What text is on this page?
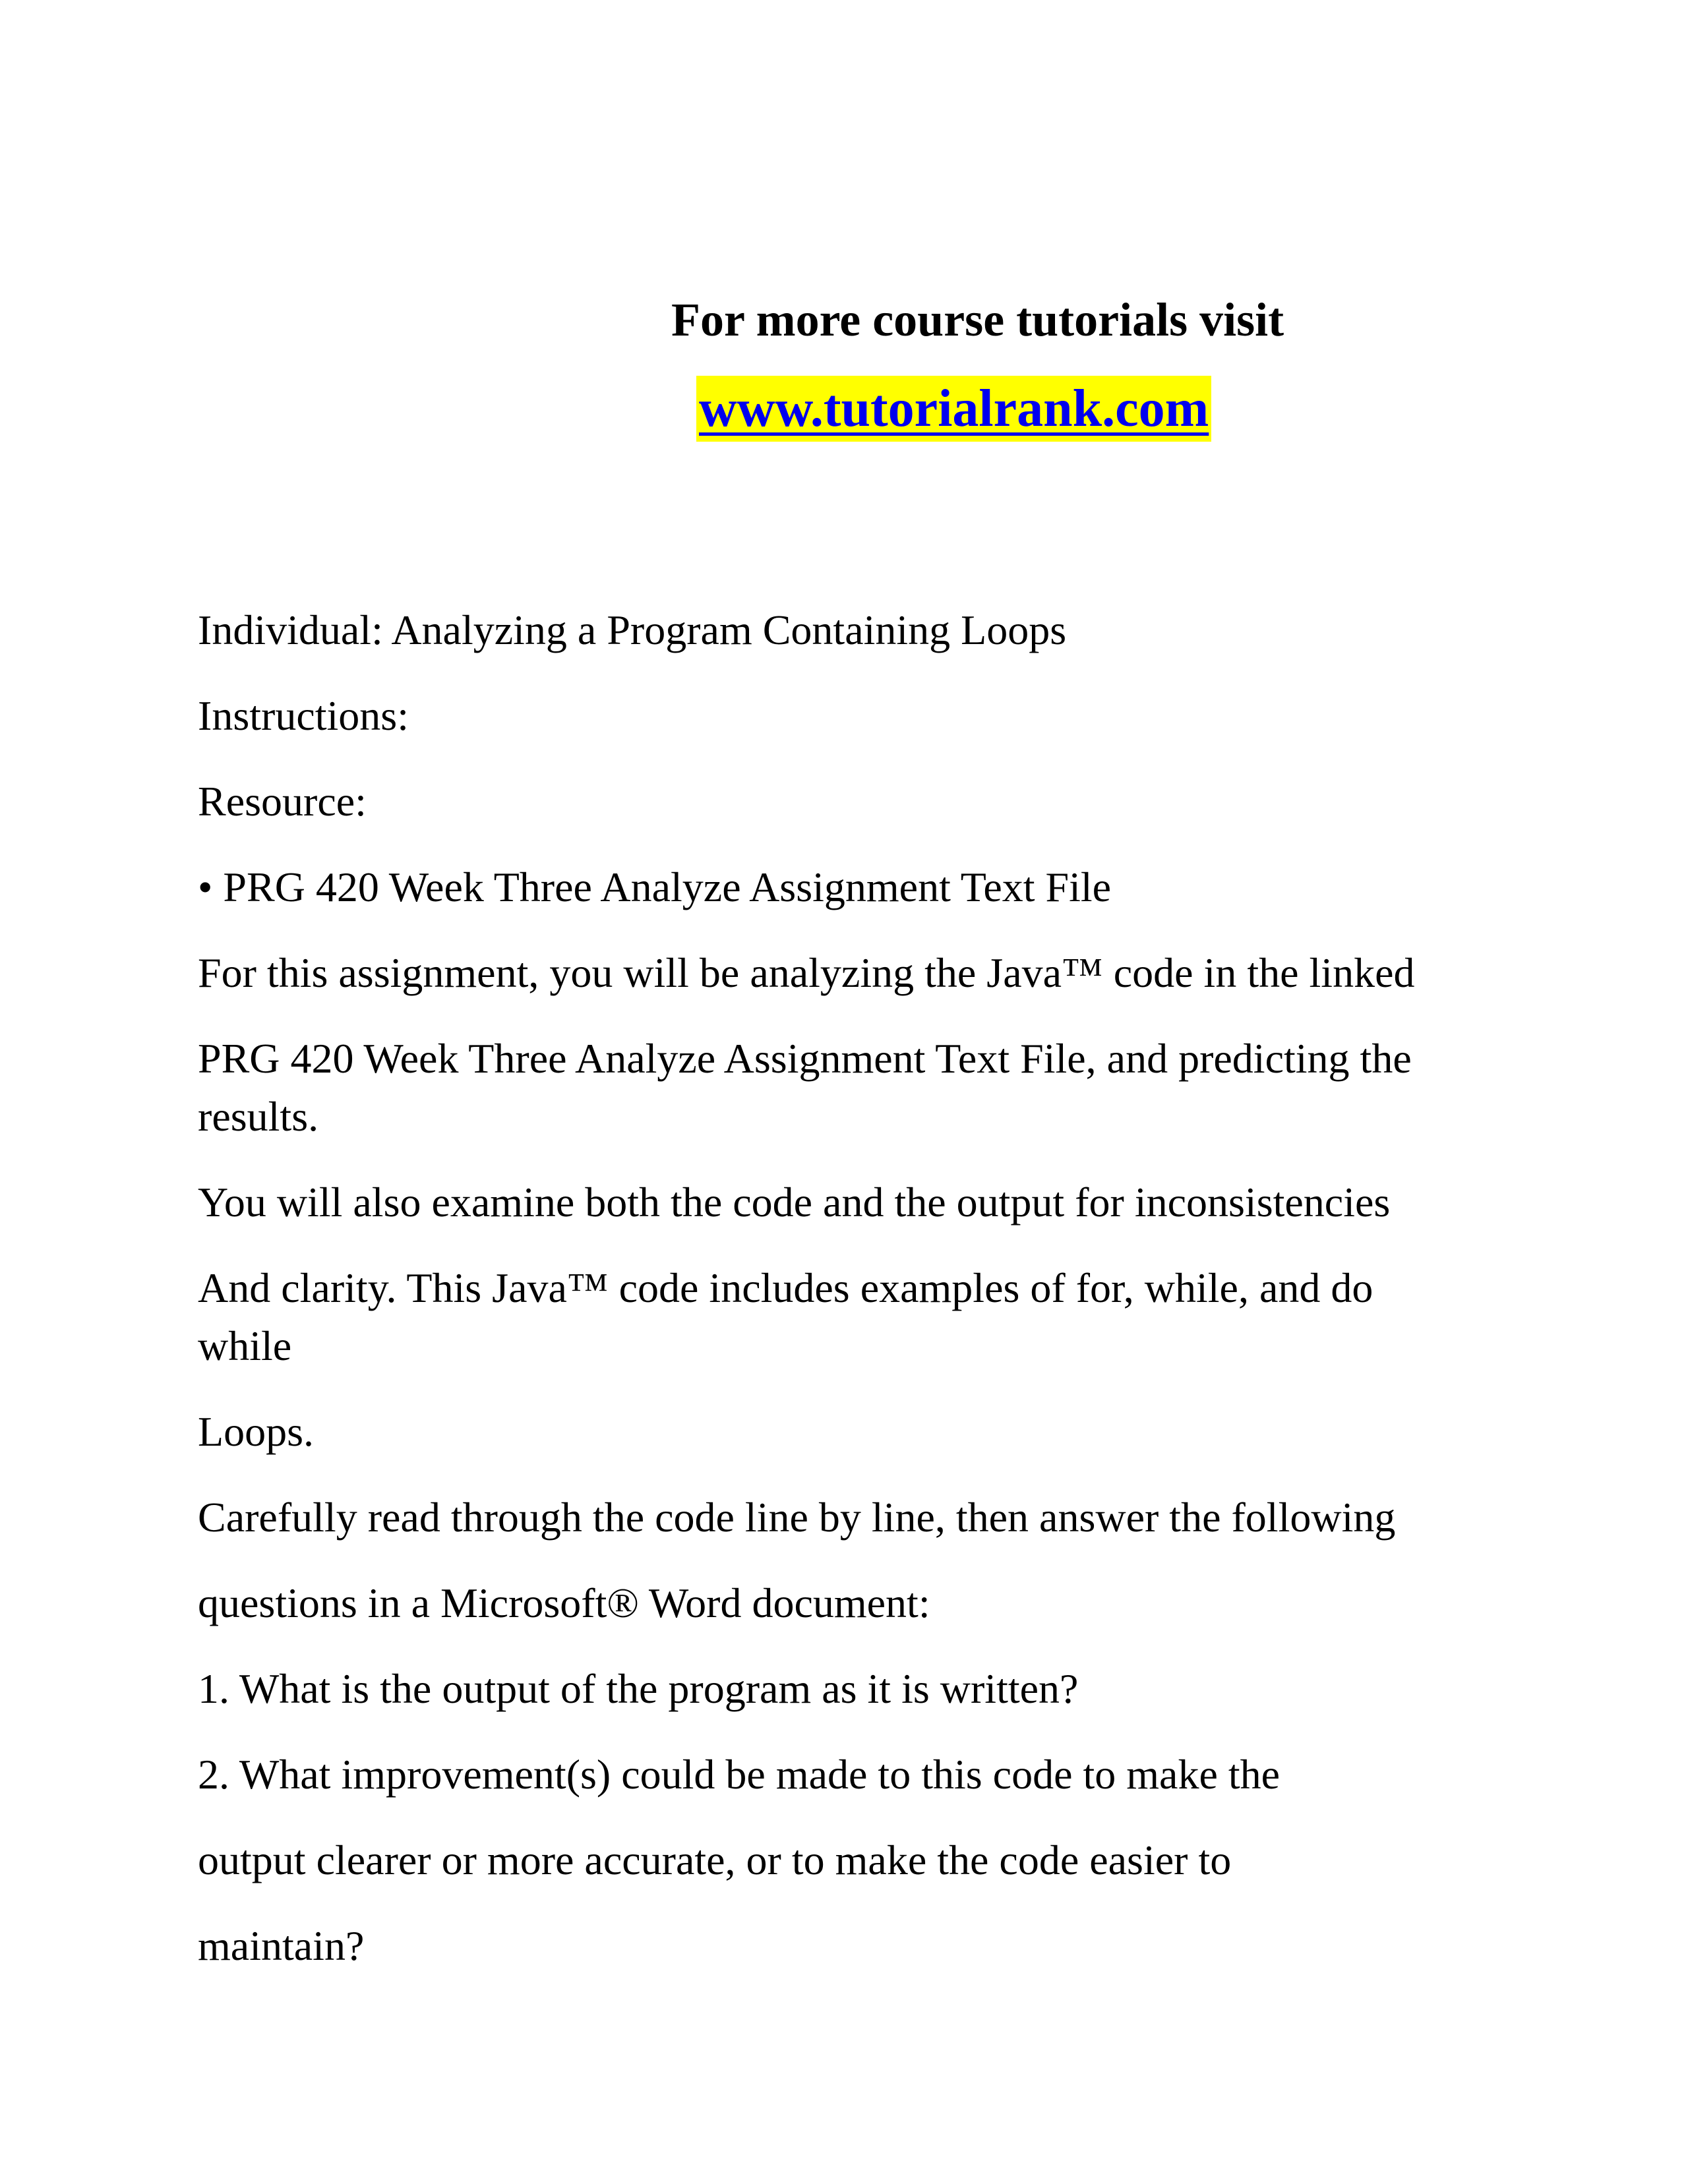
For more course tutorials visit
www.tutorialrank.com
Individual: Analyzing a Program Containing Loops
Instructions:
Resource:
• PRG 420 Week Three Analyze Assignment Text File
For this assignment, you will be analyzing the Java™ code in the linked
PRG 420 Week Three Analyze Assignment Text File, and predicting the
results.
You will also examine both the code and the output for inconsistencies
And clarity. This Java™ code includes examples of for, while, and do
while
Loops.
Carefully read through the code line by line, then answer the following
questions in a Microsoft® Word document:
1. What is the output of the program as it is written?
2. What improvement(s) could be made to this code to make the
output clearer or more accurate, or to make the code easier to
maintain?
